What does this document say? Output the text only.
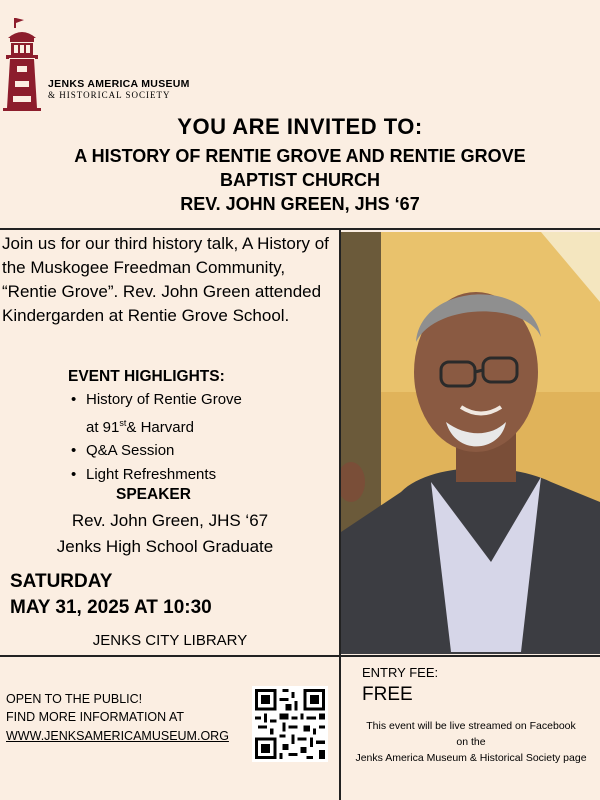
JENKS AMERICA MUSEUM
& HISTORICAL SOCIETY
YOU ARE INVITED TO:
A HISTORY OF RENTIE GROVE AND RENTIE GROVE
BAPTIST CHURCH
REV. JOHN GREEN, JHS ‘67
Join us for our third history talk, A History of the Muskogee Freedman Community, “Rentie Grove”. Rev. John Green attended Kindergarden at Rentie Grove School.
EVENT HIGHLIGHTS:
• History of Rentie Grove
at 91st& Harvard
• Q&A Session
• Light Refreshments
SPEAKER
Rev. John Green, JHS ‘67
Jenks High School Graduate
SATURDAY
MAY 31, 2025 AT 10:30
JENKS CITY LIBRARY
OPEN TO THE PUBLIC!
FIND MORE INFORMATION AT
WWW.JENKSAMERICAMUSEUM.ORG
ENTRY FEE:
FREE
This event will be live streamed on Facebook
on the
Jenks America Museum & Historical Society page
